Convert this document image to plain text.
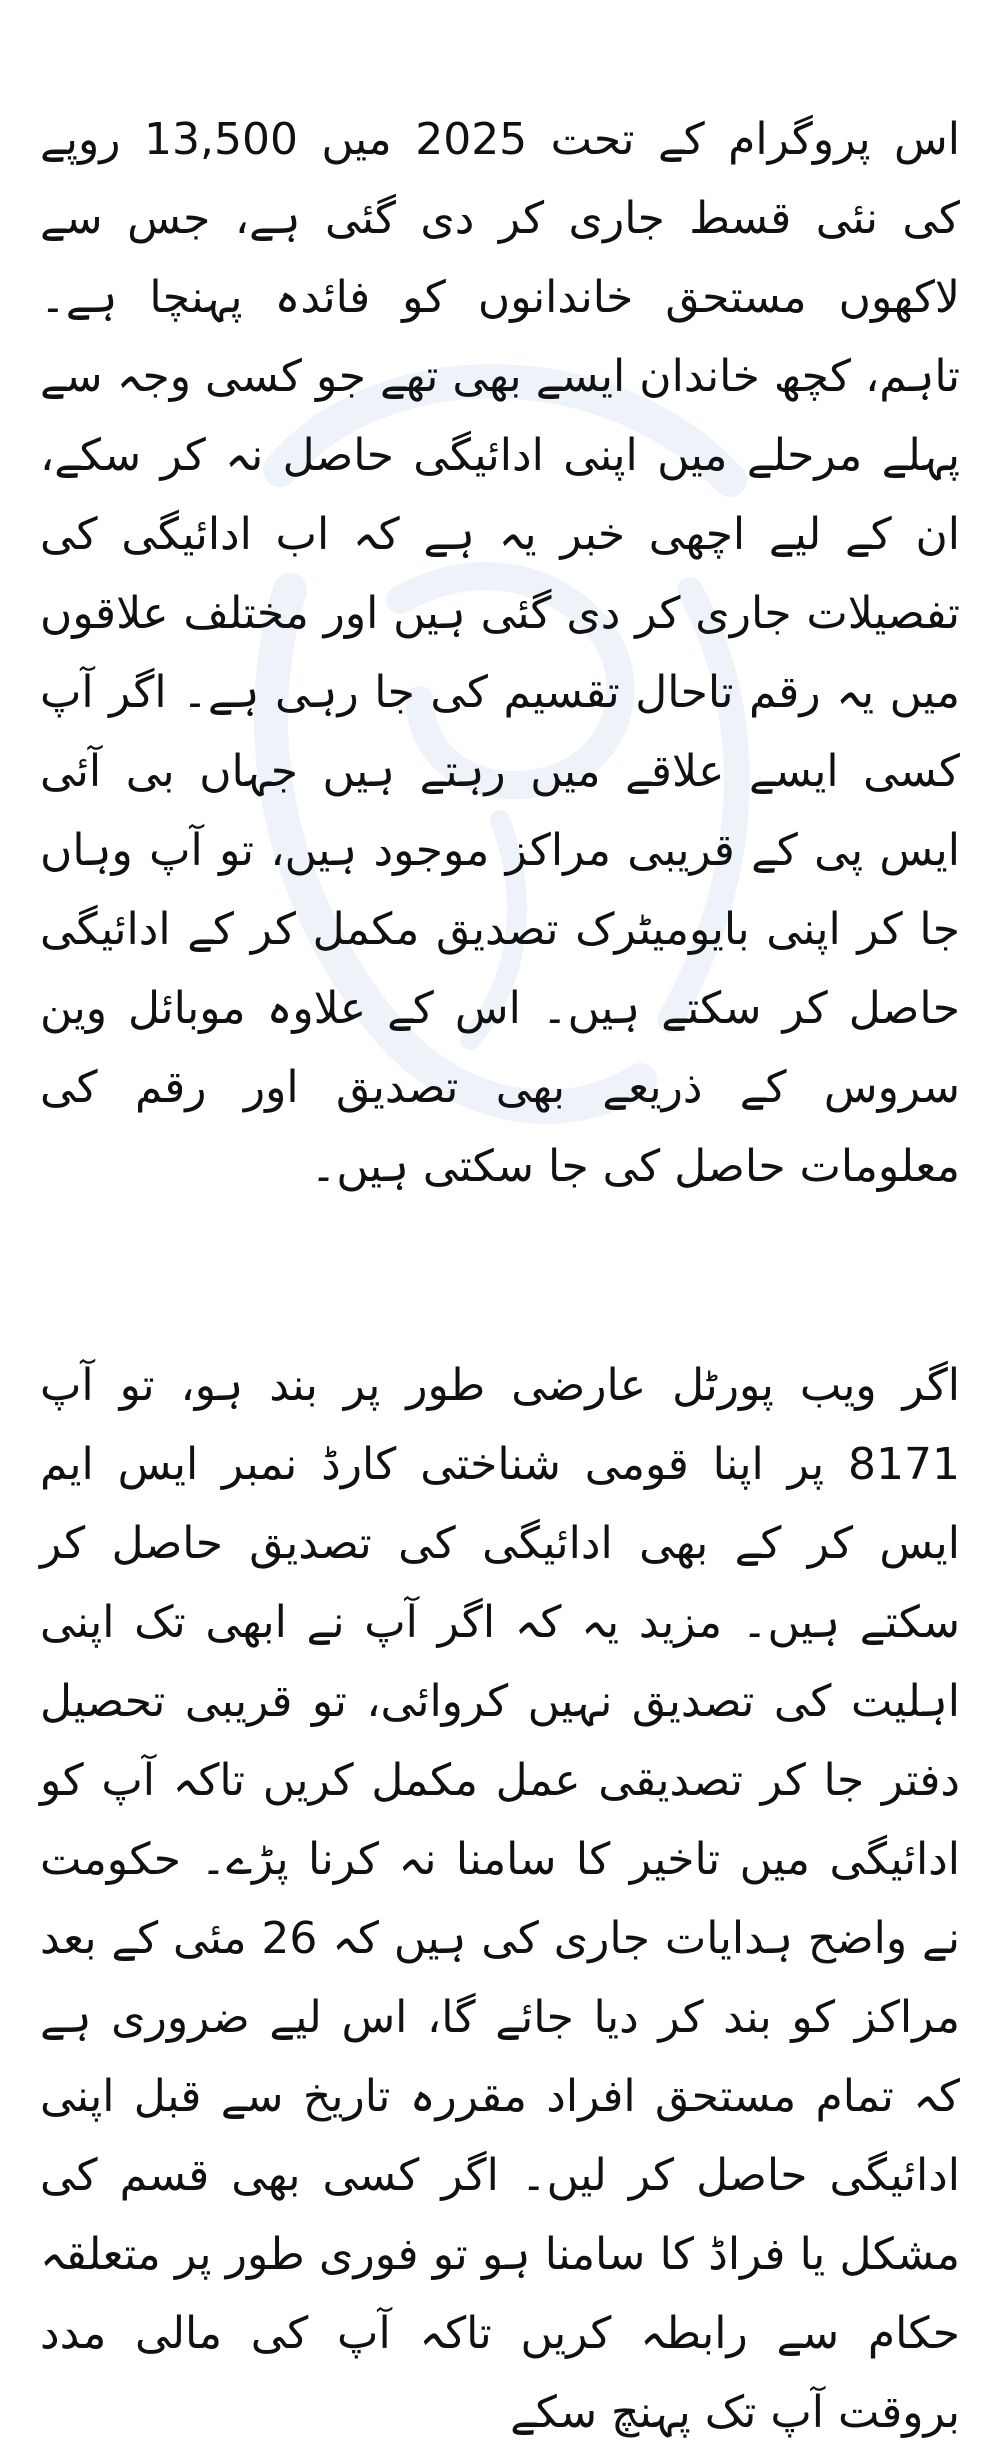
اس پروگرام کے تحت 2025 میں 13,500 روپے کی نئی قسط جاری کر دی گئی ہے، جس سے لاکھوں مستحق خاندانوں کو فائدہ پہنچا ہے۔ تاہم، کچھ خاندان ایسے بھی تھے جو کسی وجہ سے پہلے مرحلے میں اپنی ادائیگی حاصل نہ کر سکے، ان کے لیے اچھی خبر یہ ہے کہ اب ادائیگی کی تفصیلات جاری کر دی گئی ہیں اور مختلف علاقوں میں یہ رقم تاحال تقسیم کی جا رہی ہے۔ اگر آپ کسی ایسے علاقے میں رہتے ہیں جہاں بی آئی ایس پی کے قریبی مراکز موجود ہیں، تو آپ وہاں جا کر اپنی بایومیٹرک تصدیق مکمل کر کے ادائیگی حاصل کر سکتے ہیں۔ اس کے علاوہ موبائل وین سروس کے ذریعے بھی تصدیق اور رقم کی معلومات حاصل کی جا سکتی ہیں۔

اگر ویب پورٹل عارضی طور پر بند ہو، تو آپ 8171 پر اپنا قومی شناختی کارڈ نمبر ایس ایم ایس کر کے بھی ادائیگی کی تصدیق حاصل کر سکتے ہیں۔ مزید یہ کہ اگر آپ نے ابھی تک اپنی اہلیت کی تصدیق نہیں کروائی، تو قریبی تحصیل دفتر جا کر تصدیقی عمل مکمل کریں تاکہ آپ کو ادائیگی میں تاخیر کا سامنا نہ کرنا پڑے۔ حکومت نے واضح ہدایات جاری کی ہیں کہ 26 مئی کے بعد مراکز کو بند کر دیا جائے گا، اس لیے ضروری ہے کہ تمام مستحق افراد مقررہ تاریخ سے قبل اپنی ادائیگی حاصل کر لیں۔ اگر کسی بھی قسم کی مشکل یا فراڈ کا سامنا ہو تو فوری طور پر متعلقہ حکام سے رابطہ کریں تاکہ آپ کی مالی مدد بروقت آپ تک پہنچ سکے
